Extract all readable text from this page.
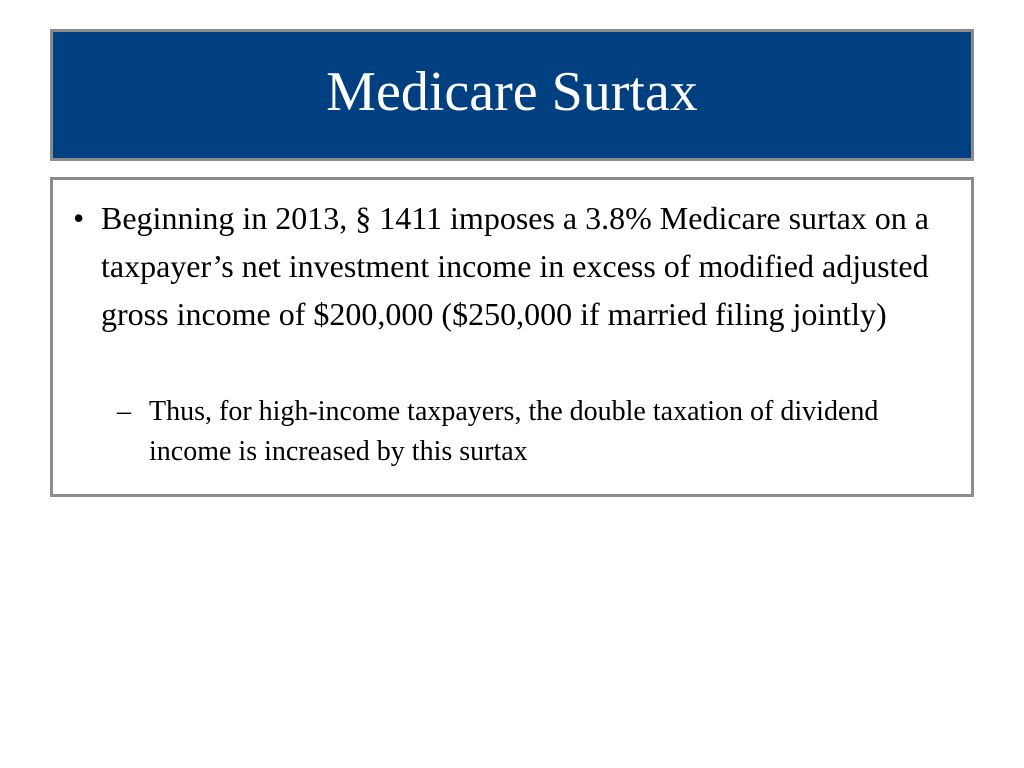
Medicare Surtax
• Beginning in 2013, § 1411 imposes a 3.8% Medicare surtax on a taxpayer’s net investment income in excess of modified adjusted gross income of $200,000 ($250,000 if married filing jointly)
– Thus, for high-income taxpayers, the double taxation of dividend income is increased by this surtax
